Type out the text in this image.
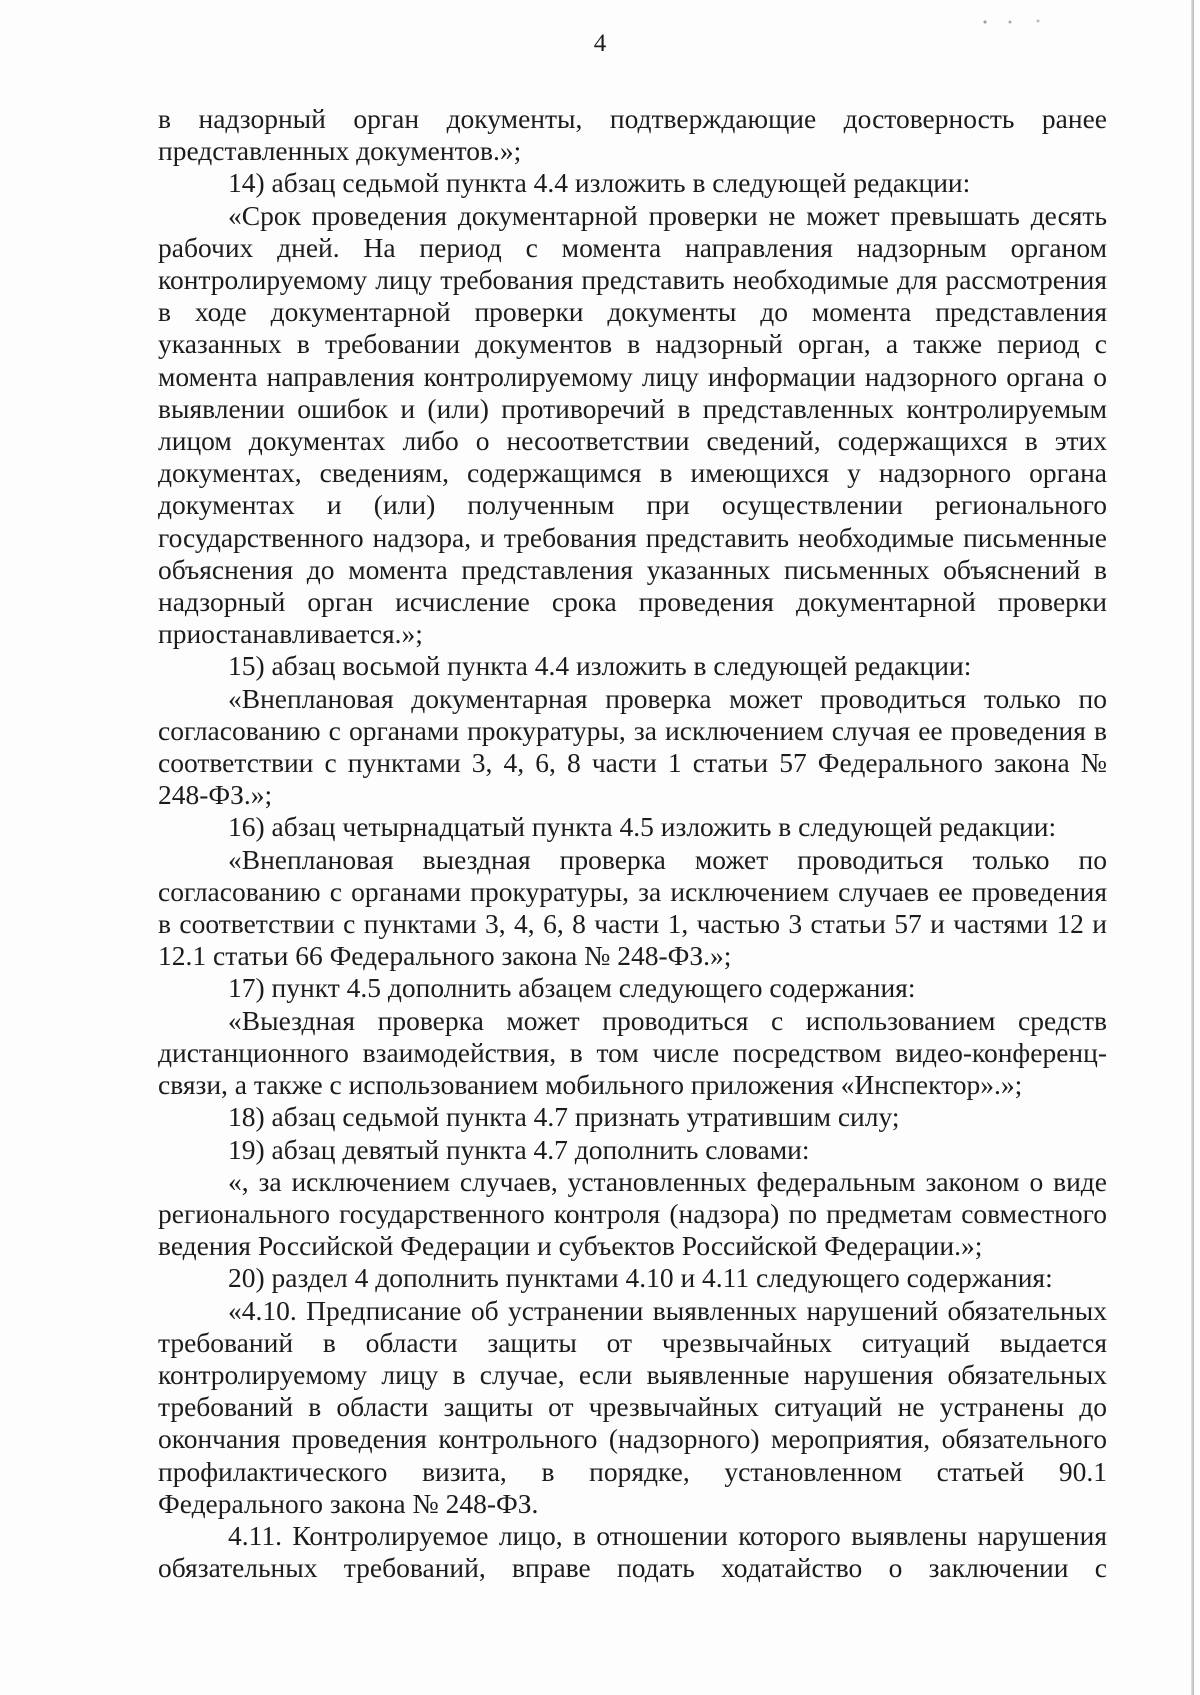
4

в надзорный орган документы, подтверждающие достоверность ранее представленных документов.»;

14) абзац седьмой пункта 4.4 изложить в следующей редакции:

«Срок проведения документарной проверки не может превышать десять рабочих дней. На период с момента направления надзорным органом контролируемому лицу требования представить необходимые для рассмотрения в ходе документарной проверки документы до момента представления указанных в требовании документов в надзорный орган, а также период с момента направления контролируемому лицу информации надзорного органа о выявлении ошибок и (или) противоречий в представленных контролируемым лицом документах либо о несоответствии сведений, содержащихся в этих документах, сведениям, содержащимся в имеющихся у надзорного органа документах и (или) полученным при осуществлении регионального государственного надзора, и требования представить необходимые письменные объяснения до момента представления указанных письменных объяснений в надзорный орган исчисление срока проведения документарной проверки приостанавливается.»;

15) абзац восьмой пункта 4.4 изложить в следующей редакции:

«Внеплановая документарная проверка может проводиться только по согласованию с органами прокуратуры, за исключением случая ее проведения в соответствии с пунктами 3, 4, 6, 8 части 1 статьи 57 Федерального закона № 248-ФЗ.»;

16) абзац четырнадцатый пункта 4.5 изложить в следующей редакции:

«Внеплановая выездная проверка может проводиться только по согласованию с органами прокуратуры, за исключением случаев ее проведения в соответствии с пунктами 3, 4, 6, 8 части 1, частью 3 статьи 57 и частями 12 и 12.1 статьи 66 Федерального закона № 248-ФЗ.»;

17) пункт 4.5 дополнить абзацем следующего содержания:

«Выездная проверка может проводиться с использованием средств дистанционного взаимодействия, в том числе посредством видео-конференц-связи, а также с использованием мобильного приложения «Инспектор».»;

18) абзац седьмой пункта 4.7 признать утратившим силу;

19) абзац девятый пункта 4.7 дополнить словами:

«, за исключением случаев, установленных федеральным законом о виде регионального государственного контроля (надзора) по предметам совместного ведения Российской Федерации и субъектов Российской Федерации.»;

20) раздел 4 дополнить пунктами 4.10 и 4.11 следующего содержания:

«4.10. Предписание об устранении выявленных нарушений обязательных требований в области защиты от чрезвычайных ситуаций выдается контролируемому лицу в случае, если выявленные нарушения обязательных требований в области защиты от чрезвычайных ситуаций не устранены до окончания проведения контрольного (надзорного) мероприятия, обязательного профилактического визита, в порядке, установленном статьей 90.1 Федерального закона № 248-ФЗ.

4.11. Контролируемое лицо, в отношении которого выявлены нарушения обязательных требований, вправе подать ходатайство о заключении с
